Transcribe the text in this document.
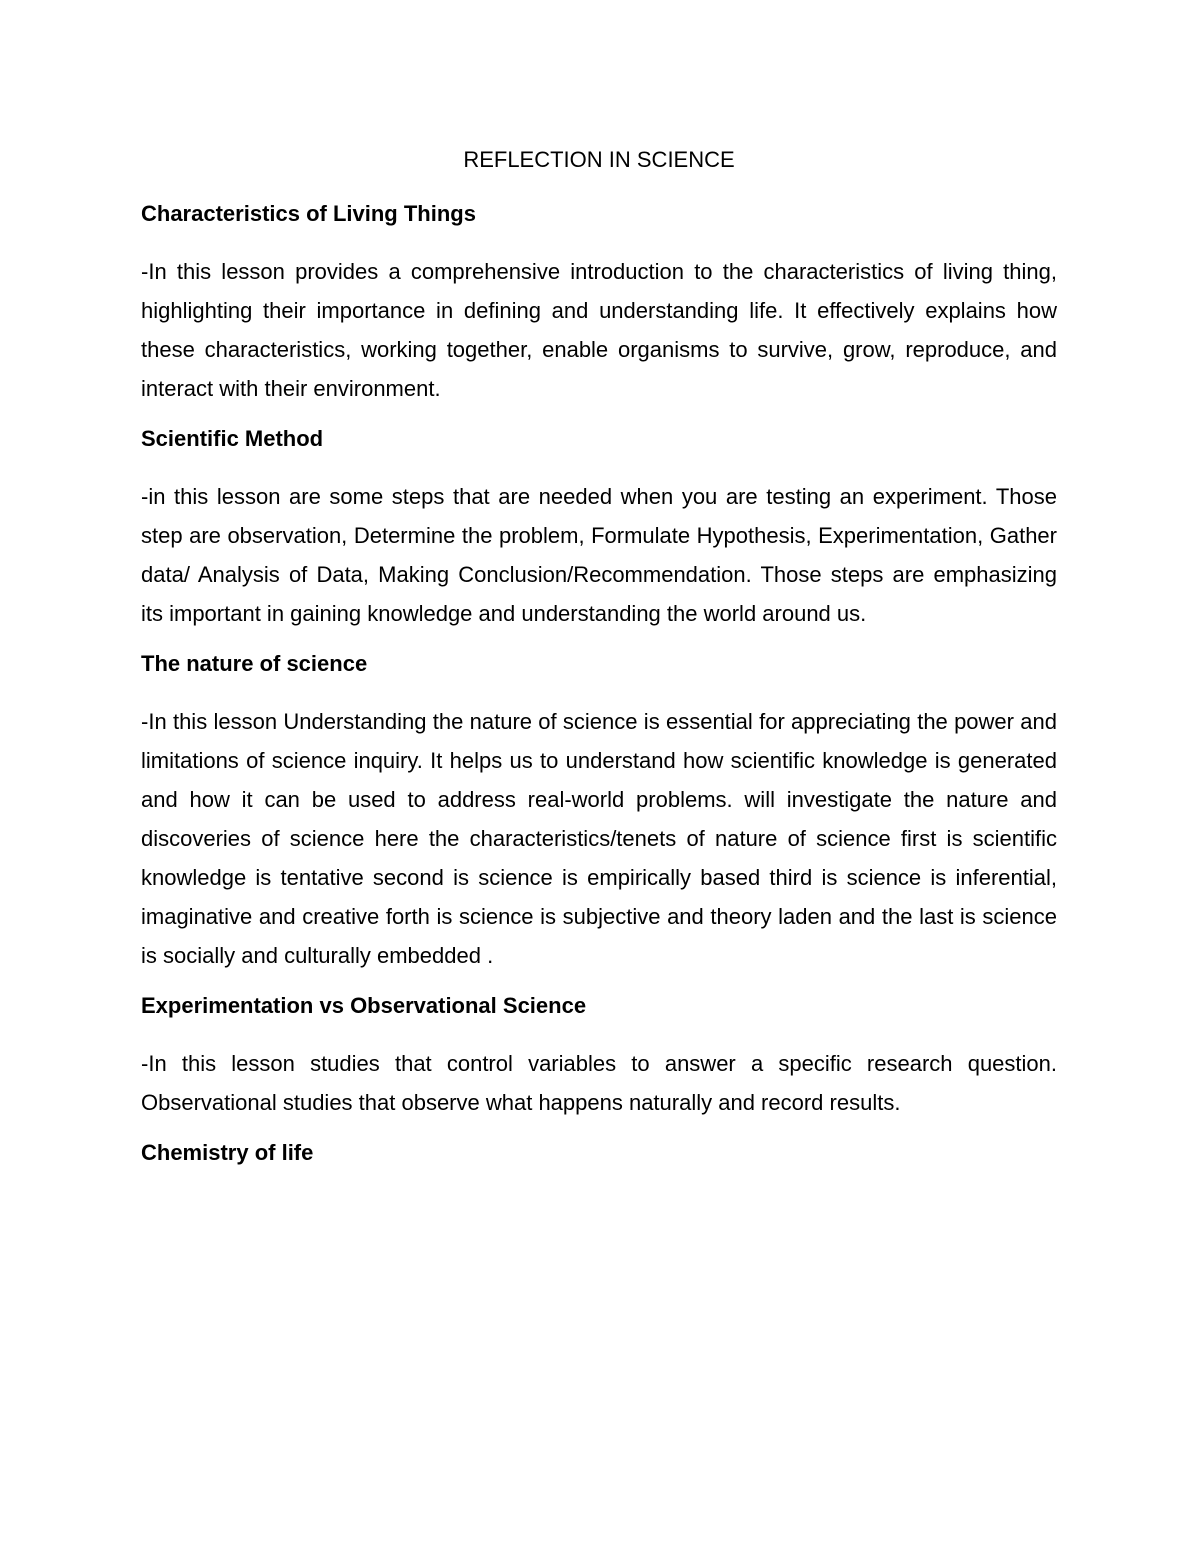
REFLECTION IN SCIENCE
Characteristics of Living Things
-In this lesson provides a comprehensive introduction to the characteristics of living thing, highlighting their importance in defining and understanding life. It effectively explains how these characteristics, working together, enable organisms to survive, grow, reproduce, and interact with their environment.
Scientific Method
-in this lesson are some steps that are needed when you are testing an experiment. Those step are observation, Determine the problem, Formulate Hypothesis, Experimentation, Gather data/ Analysis of Data, Making Conclusion/Recommendation. Those steps are emphasizing its important in gaining knowledge and understanding the world around us.
The nature of science
-In this lesson Understanding the nature of science is essential for appreciating the power and limitations of science inquiry. It helps us to understand how scientific knowledge is generated and how it can be used to address real-world problems. will investigate the nature and discoveries of science here the characteristics/tenets of nature of science first is scientific knowledge is tentative second is science is empirically based third is science is inferential, imaginative and creative forth is science is subjective and theory laden and the last is science is socially and culturally embedded .
Experimentation vs Observational Science
-In this lesson studies that control variables to answer a specific research question. Observational studies that observe what happens naturally and record results.
Chemistry of life
